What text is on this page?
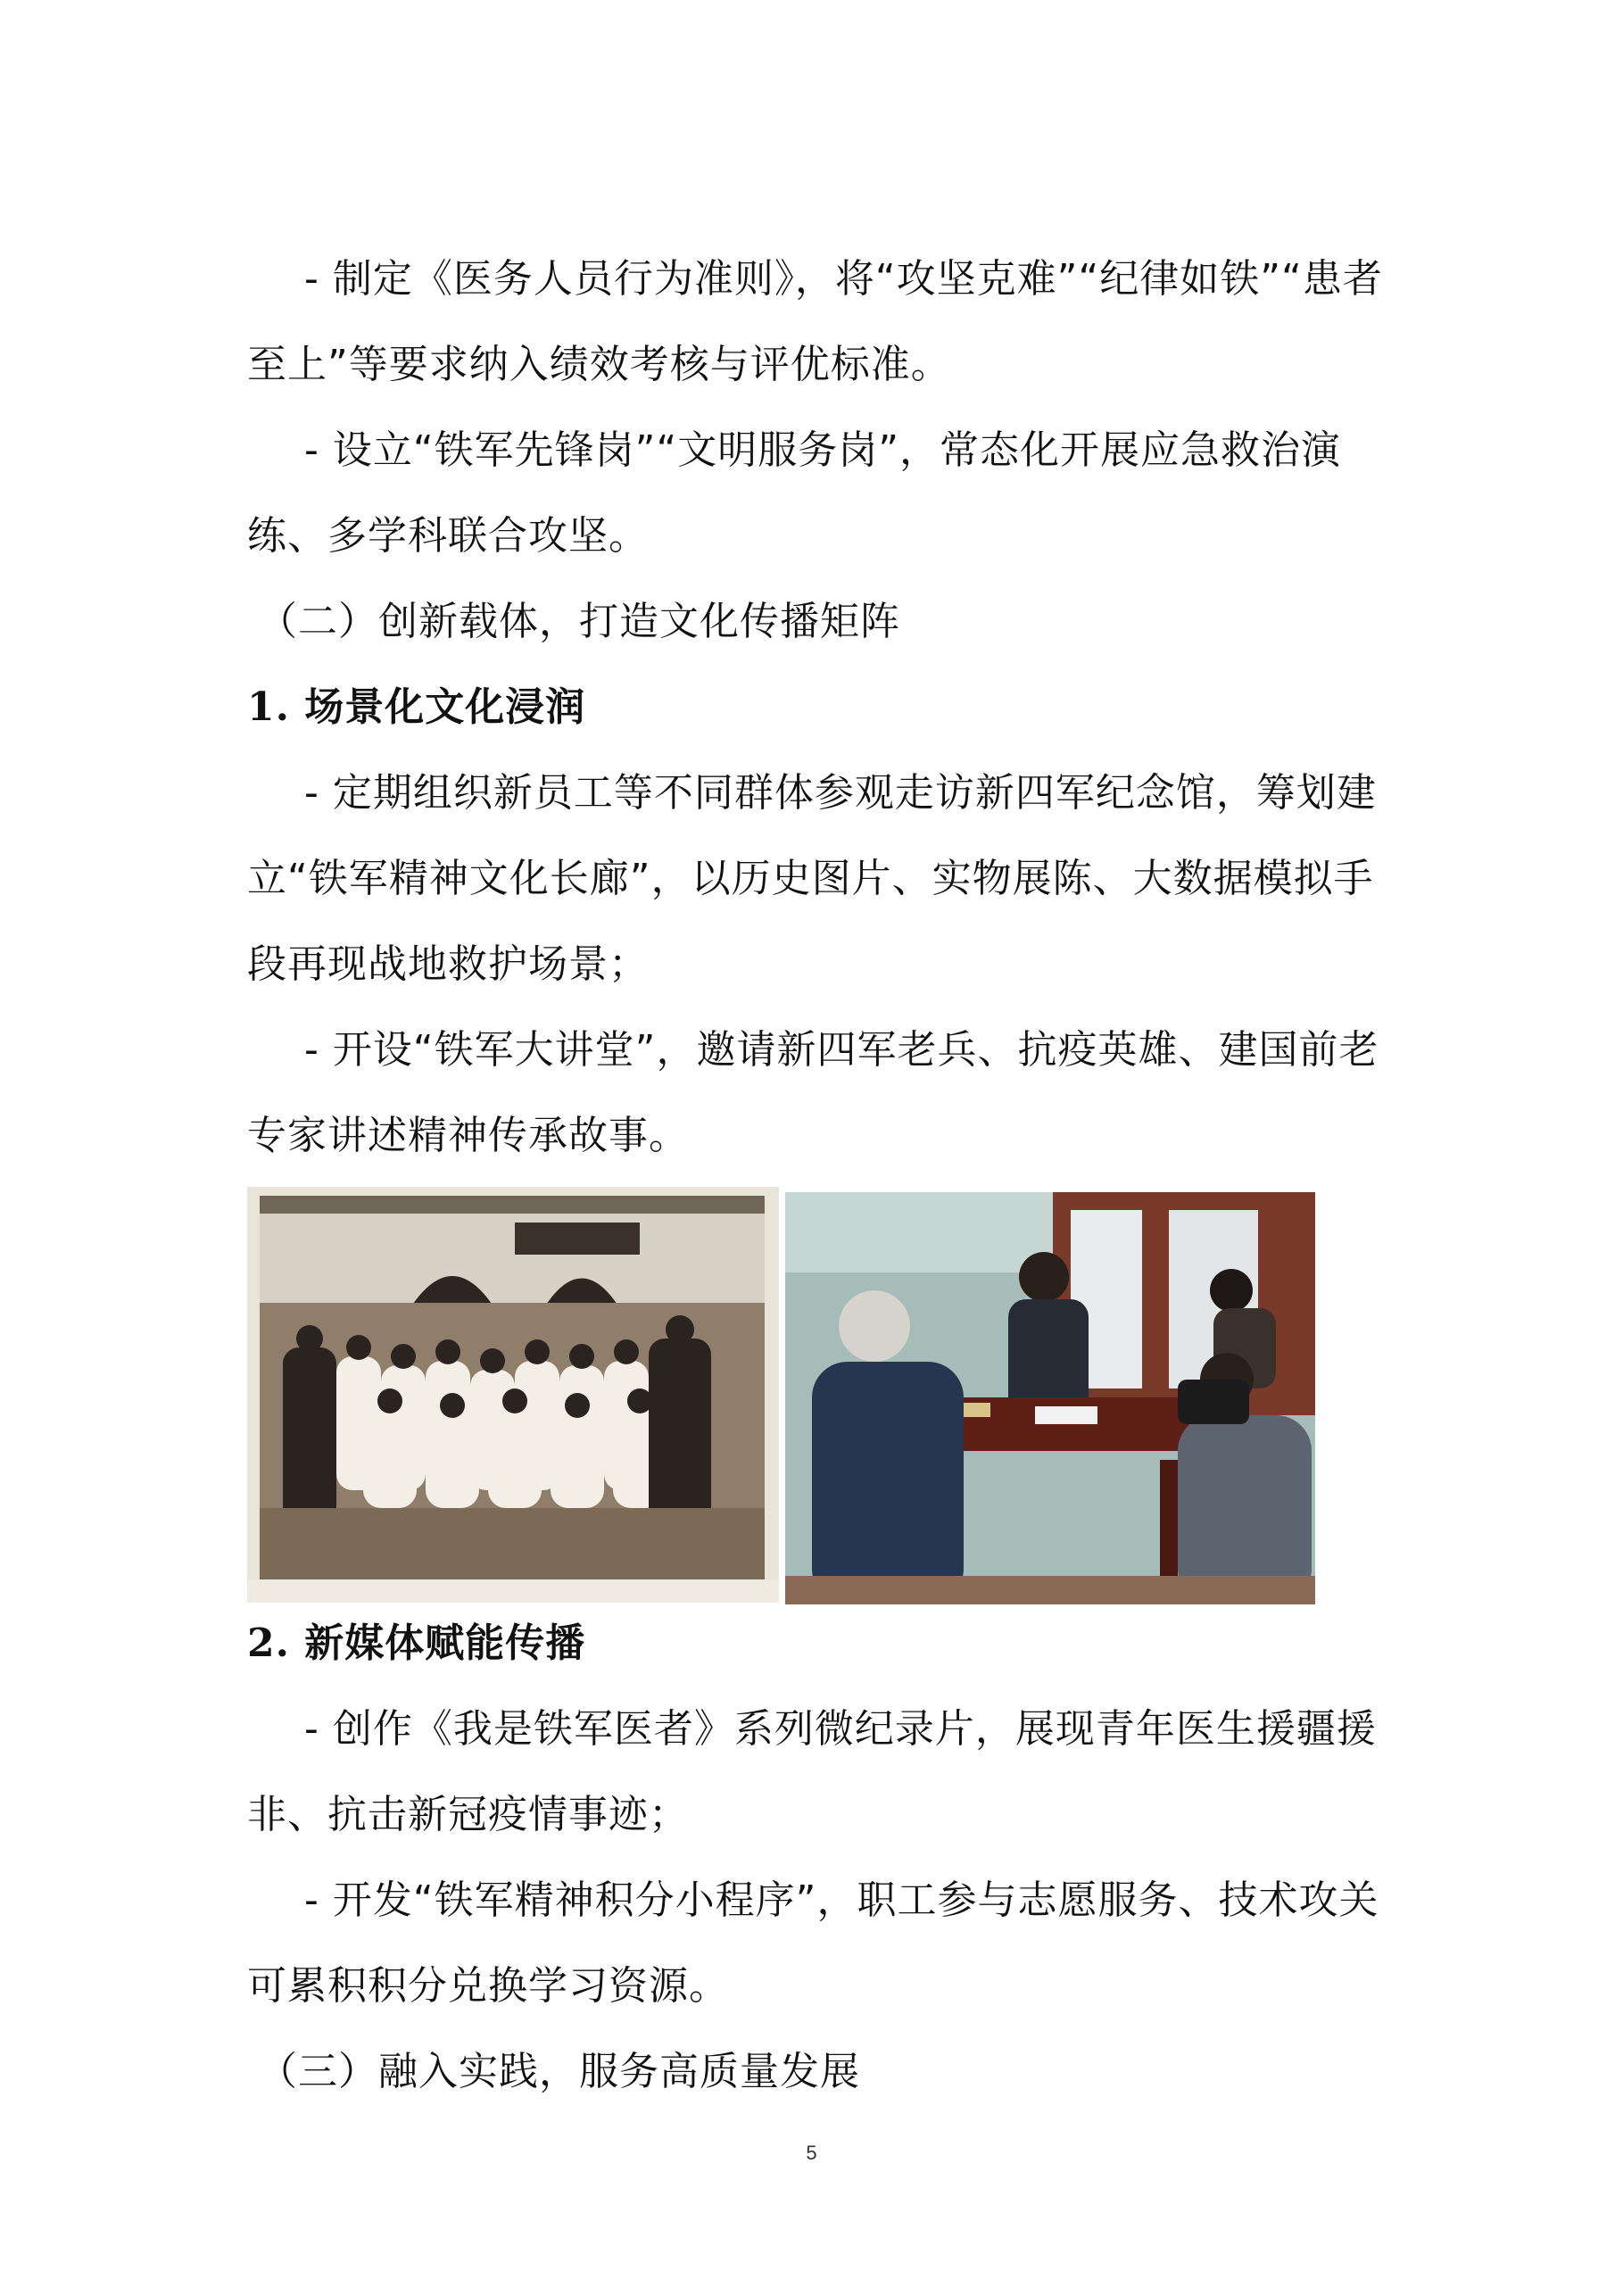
- 制定《医务人员行为准则》，将“攻坚克难”“纪律如铁”“患者至上”等要求纳入绩效考核与评优标准。

- 设立“铁军先锋岗”“文明服务岗”，常态化开展应急救治演练、多学科联合攻坚。

（二）创新载体，打造文化传播矩阵

1. 场景化文化浸润

- 定期组织新员工等不同群体参观走访新四军纪念馆，筹划建立“铁军精神文化长廊”，以历史图片、实物展陈、大数据模拟手段再现战地救护场景；

- 开设“铁军大讲堂”，邀请新四军老兵、抗疫英雄、建国前老专家讲述精神传承故事。

2. 新媒体赋能传播

- 创作《我是铁军医者》系列微纪录片，展现青年医生援疆援非、抗击新冠疫情事迹；

- 开发“铁军精神积分小程序”，职工参与志愿服务、技术攻关可累积积分兑换学习资源。

（三）融入实践，服务高质量发展

5
